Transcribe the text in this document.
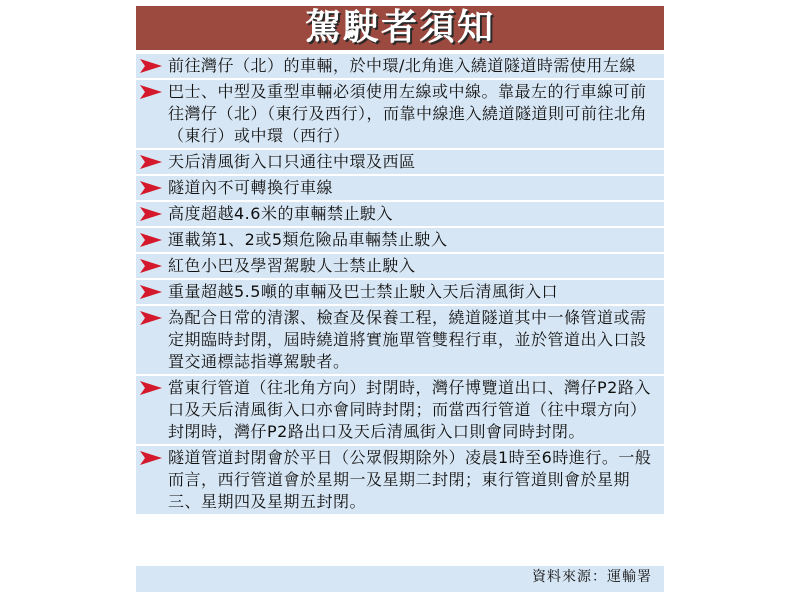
駕駛者須知
前往灣仔（北）的車輛，於中環/北角進入繞道隧道時需使用左線
巴士、中型及重型車輛必須使用左線或中線。靠最左的行車線可前往灣仔（北）（東行及西行），而靠中線進入繞道隧道則可前往北角（東行）或中環（西行）
天后清風街入口只通往中環及西區
隧道內不可轉換行車線
高度超越4.6米的車輛禁止駛入
運載第1、2或5類危險品車輛禁止駛入
紅色小巴及學習駕駛人士禁止駛入
重量超越5.5噸的車輛及巴士禁止駛入天后清風街入口
為配合日常的清潔、檢查及保養工程，繞道隧道其中一條管道或需定期臨時封閉，屆時繞道將實施單管雙程行車，並於管道出入口設置交通標誌指導駕駛者。
當東行管道（往北角方向）封閉時，灣仔博覽道出口、灣仔P2路入口及天后清風街入口亦會同時封閉；而當西行管道（往中環方向）封閉時，灣仔P2路出口及天后清風街入口則會同時封閉。
隧道管道封閉會於平日（公眾假期除外）凌晨1時至6時進行。一般而言，西行管道會於星期一及星期二封閉；東行管道則會於星期三、星期四及星期五封閉。
資料來源：運輸署
